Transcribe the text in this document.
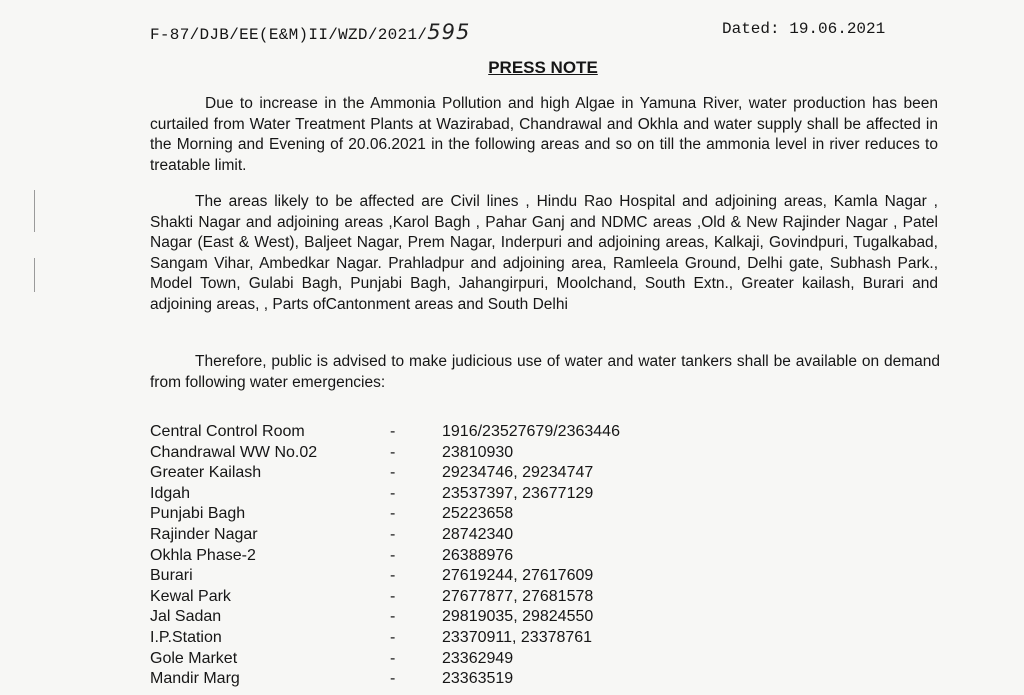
F-87/DJB/EE(E&M)II/WZD/2021/595	Dated: 19.06.2021
PRESS NOTE

Due to increase in the Ammonia Pollution and high Algae in Yamuna River, water production has been curtailed from Water Treatment Plants at Wazirabad, Chandrawal and Okhla and water supply shall be affected in the Morning and Evening of 20.06.2021 in the following areas and so on till the ammonia level in river reduces to treatable limit.

The areas likely to be affected are Civil lines , Hindu Rao Hospital and adjoining areas, Kamla Nagar , Shakti Nagar and adjoining areas ,Karol Bagh , Pahar Ganj and NDMC areas ,Old & New Rajinder Nagar , Patel Nagar (East & West), Baljeet Nagar, Prem Nagar, Inderpuri and adjoining areas, Kalkaji, Govindpuri, Tugalkabad, Sangam Vihar, Ambedkar Nagar. Prahladpur and adjoining area, Ramleela Ground, Delhi gate, Subhash Park., Model Town, Gulabi Bagh, Punjabi Bagh, Jahangirpuri, Moolchand, South Extn., Greater kailash, Burari and adjoining areas, , Parts ofCantonment areas and South Delhi

Therefore, public is advised to make judicious use of water and water tankers shall be available on demand from following water emergencies:

Central Control Room	-	1916/23527679/2363446
Chandrawal WW No.02	-	23810930
Greater Kailash	-	29234746, 29234747
Idgah	-	23537397, 23677129
Punjabi Bagh	-	25223658
Rajinder Nagar	-	28742340
Okhla Phase-2	-	26388976
Burari	-	27619244, 27617609
Kewal Park	-	27677877, 27681578
Jal Sadan	-	29819035, 29824550
I.P.Station	-	23370911, 23378761
Gole Market	-	23362949
Mandir Marg	-	23363519
